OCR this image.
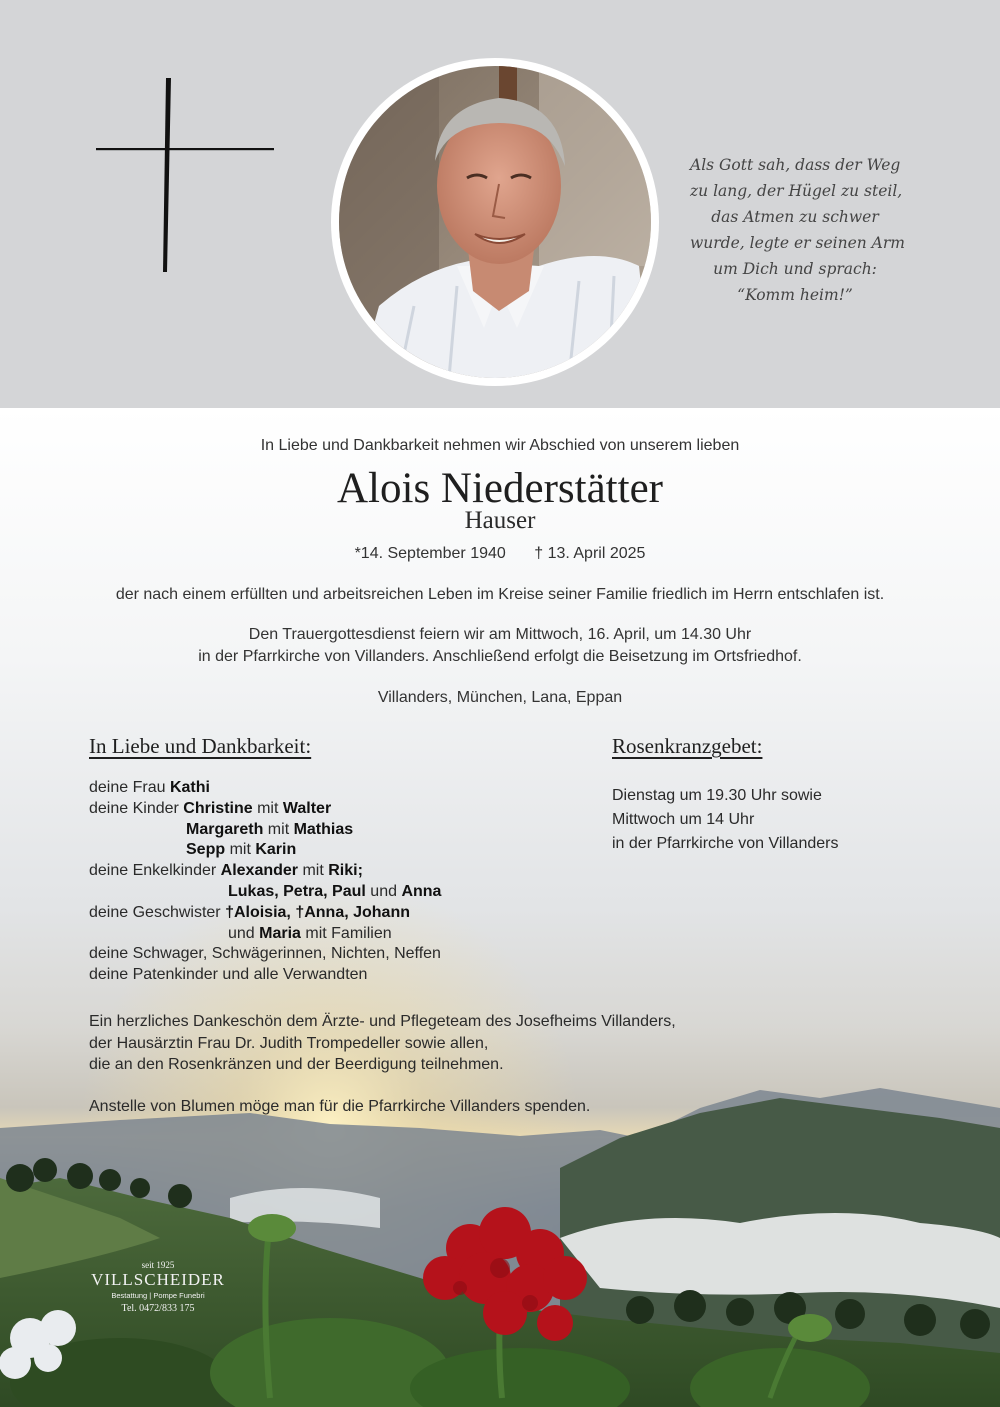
Als Gott sah, dass der Weg
zu lang, der Hügel zu steil,
das Atmen zu schwer
wurde, legte er seinen Arm
um Dich und sprach:
“Komm heim!”
In Liebe und Dankbarkeit nehmen wir Abschied von unserem lieben
Alois Niederstätter
Hauser
*14. September 1940 † 13. April 2025
der nach einem erfüllten und arbeitsreichen Leben im Kreise seiner Familie friedlich im Herrn entschlafen ist.
Den Trauergottesdienst feiern wir am Mittwoch, 16. April, um 14.30 Uhr
in der Pfarrkirche von Villanders. Anschließend erfolgt die Beisetzung im Ortsfriedhof.
Villanders, München, Lana, Eppan
In Liebe und Dankbarkeit:	Rosenkranzgebet:
deine Frau Kathi
deine Kinder Christine mit Walter
Margareth mit Mathias
Sepp mit Karin
deine Enkelkinder Alexander mit Riki;
Lukas, Petra, Paul und Anna
deine Geschwister †Aloisia, †Anna, Johann
und Maria mit Familien
deine Schwager, Schwägerinnen, Nichten, Neffen
deine Patenkinder und alle Verwandten
Dienstag um 19.30 Uhr sowie
Mittwoch um 14 Uhr
in der Pfarrkirche von Villanders
Ein herzliches Dankeschön dem Ärzte- und Pflegeteam des Josefheims Villanders,
der Hausärztin Frau Dr. Judith Trompedeller sowie allen,
die an den Rosenkränzen und der Beerdigung teilnehmen.
Anstelle von Blumen möge man für die Pfarrkirche Villanders spenden.
seit 1925
VILLSCHEIDER
Bestattung | Pompe Funebri
Tel. 0472/833 175
